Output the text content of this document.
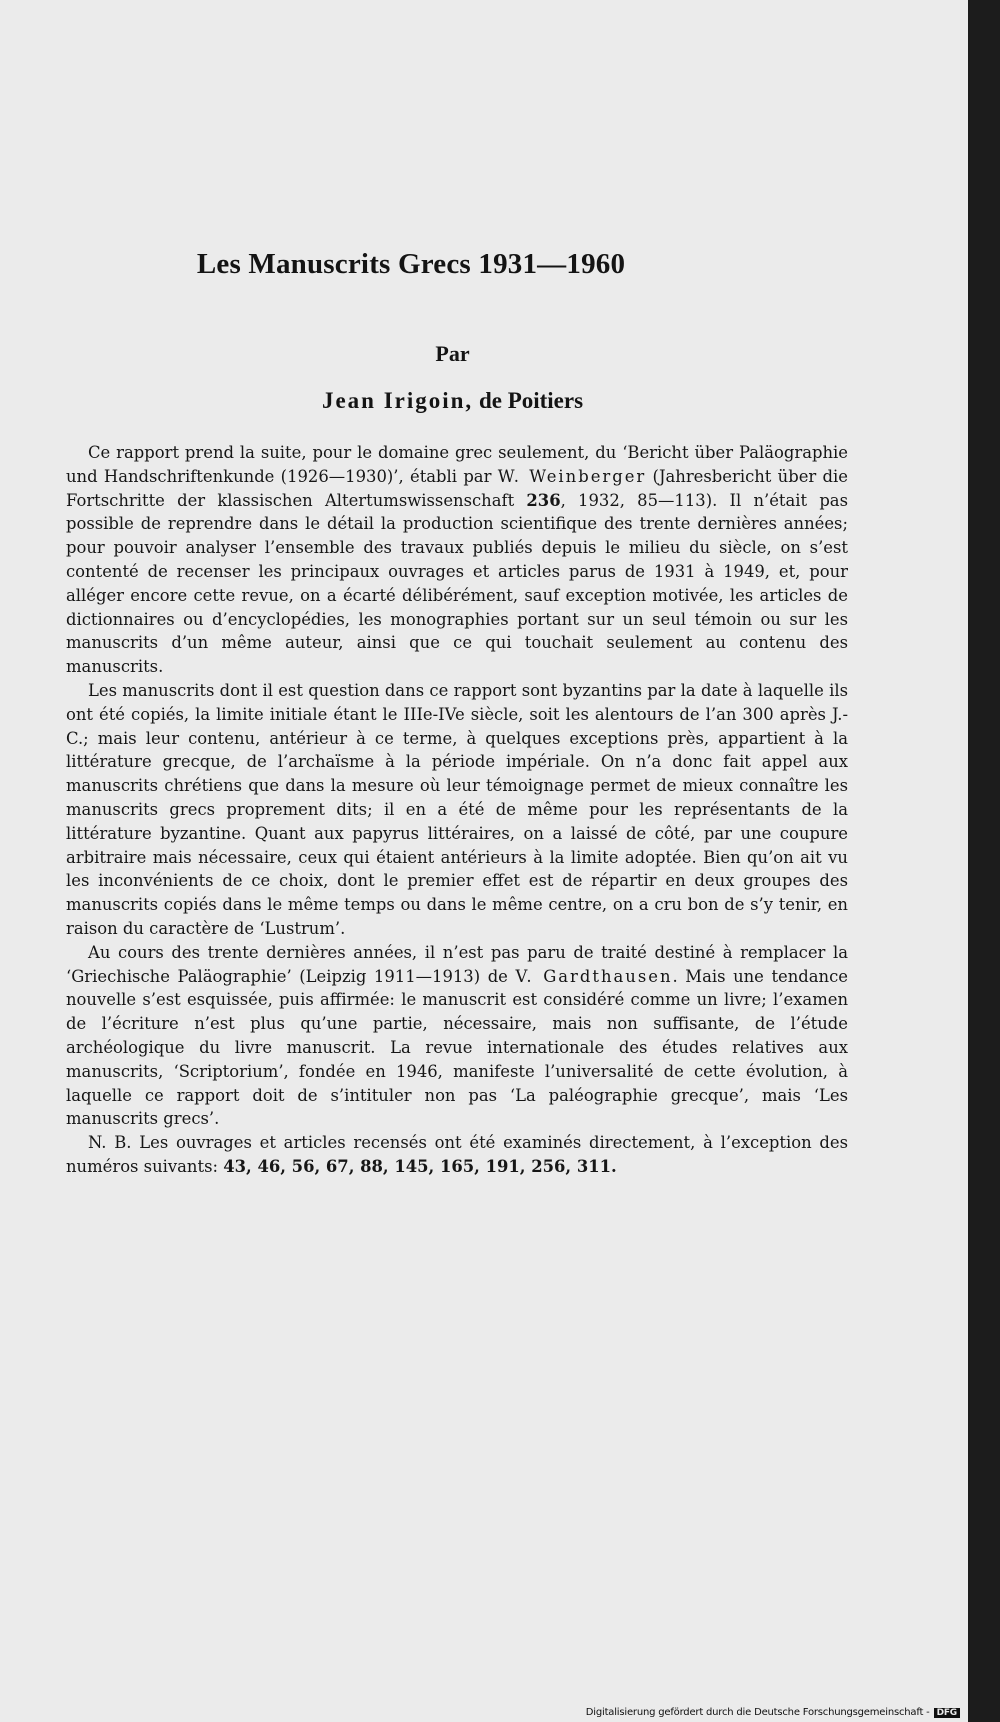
Les Manuscrits Grecs 1931—1960
Par
Jean Irigoin, de Poitiers

Ce rapport prend la suite, pour le domaine grec seulement, du ‘Bericht über Paläographie und Handschriftenkunde (1926—1930)’, établi par W. Weinberger (Jahresbericht über die Fortschritte der klassischen Altertumswissenschaft 236, 1932, 85—113). Il n’était pas possible de reprendre dans le détail la production scientifique des trente dernières années; pour pouvoir analyser l’ensemble des travaux publiés depuis le milieu du siècle, on s’est contenté de recenser les principaux ouvrages et articles parus de 1931 à 1949, et, pour alléger encore cette revue, on a écarté délibérément, sauf exception motivée, les articles de dictionnaires ou d’encyclopédies, les monographies portant sur un seul témoin ou sur les manuscrits d’un même auteur, ainsi que ce qui touchait seulement au contenu des manuscrits.

Les manuscrits dont il est question dans ce rapport sont byzantins par la date à laquelle ils ont été copiés, la limite initiale étant le IIIe-IVe siècle, soit les alentours de l’an 300 après J.-C.; mais leur contenu, antérieur à ce terme, à quelques exceptions près, appartient à la littérature grecque, de l’archaïsme à la période impériale. On n’a donc fait appel aux manuscrits chrétiens que dans la mesure où leur témoignage permet de mieux connaître les manuscrits grecs proprement dits; il en a été de même pour les représentants de la littérature byzantine. Quant aux papyrus littéraires, on a laissé de côté, par une coupure arbitraire mais nécessaire, ceux qui étaient antérieurs à la limite adoptée. Bien qu’on ait vu les inconvénients de ce choix, dont le premier effet est de répartir en deux groupes des manuscrits copiés dans le même temps ou dans le même centre, on a cru bon de s’y tenir, en raison du caractère de ‘Lustrum’.

Au cours des trente dernières années, il n’est pas paru de traité destiné à remplacer la ‘Griechische Paläographie’ (Leipzig 1911—1913) de V. Gardthausen. Mais une tendance nouvelle s’est esquissée, puis affirmée: le manuscrit est considéré comme un livre; l’examen de l’écriture n’est plus qu’une partie, nécessaire, mais non suffisante, de l’étude archéologique du livre manuscrit. La revue internationale des études relatives aux manuscrits, ‘Scriptorium’, fondée en 1946, manifeste l’universalité de cette évolution, à laquelle ce rapport doit de s’intituler non pas ‘La paléographie grecque’, mais ‘Les manuscrits grecs’.

N. B. Les ouvrages et articles recensés ont été examinés directement, à l’exception des numéros suivants: 43, 46, 56, 67, 88, 145, 165, 191, 256, 311.

Digitalisierung gefördert durch die Deutsche Forschungsgemeinschaft - DFG
